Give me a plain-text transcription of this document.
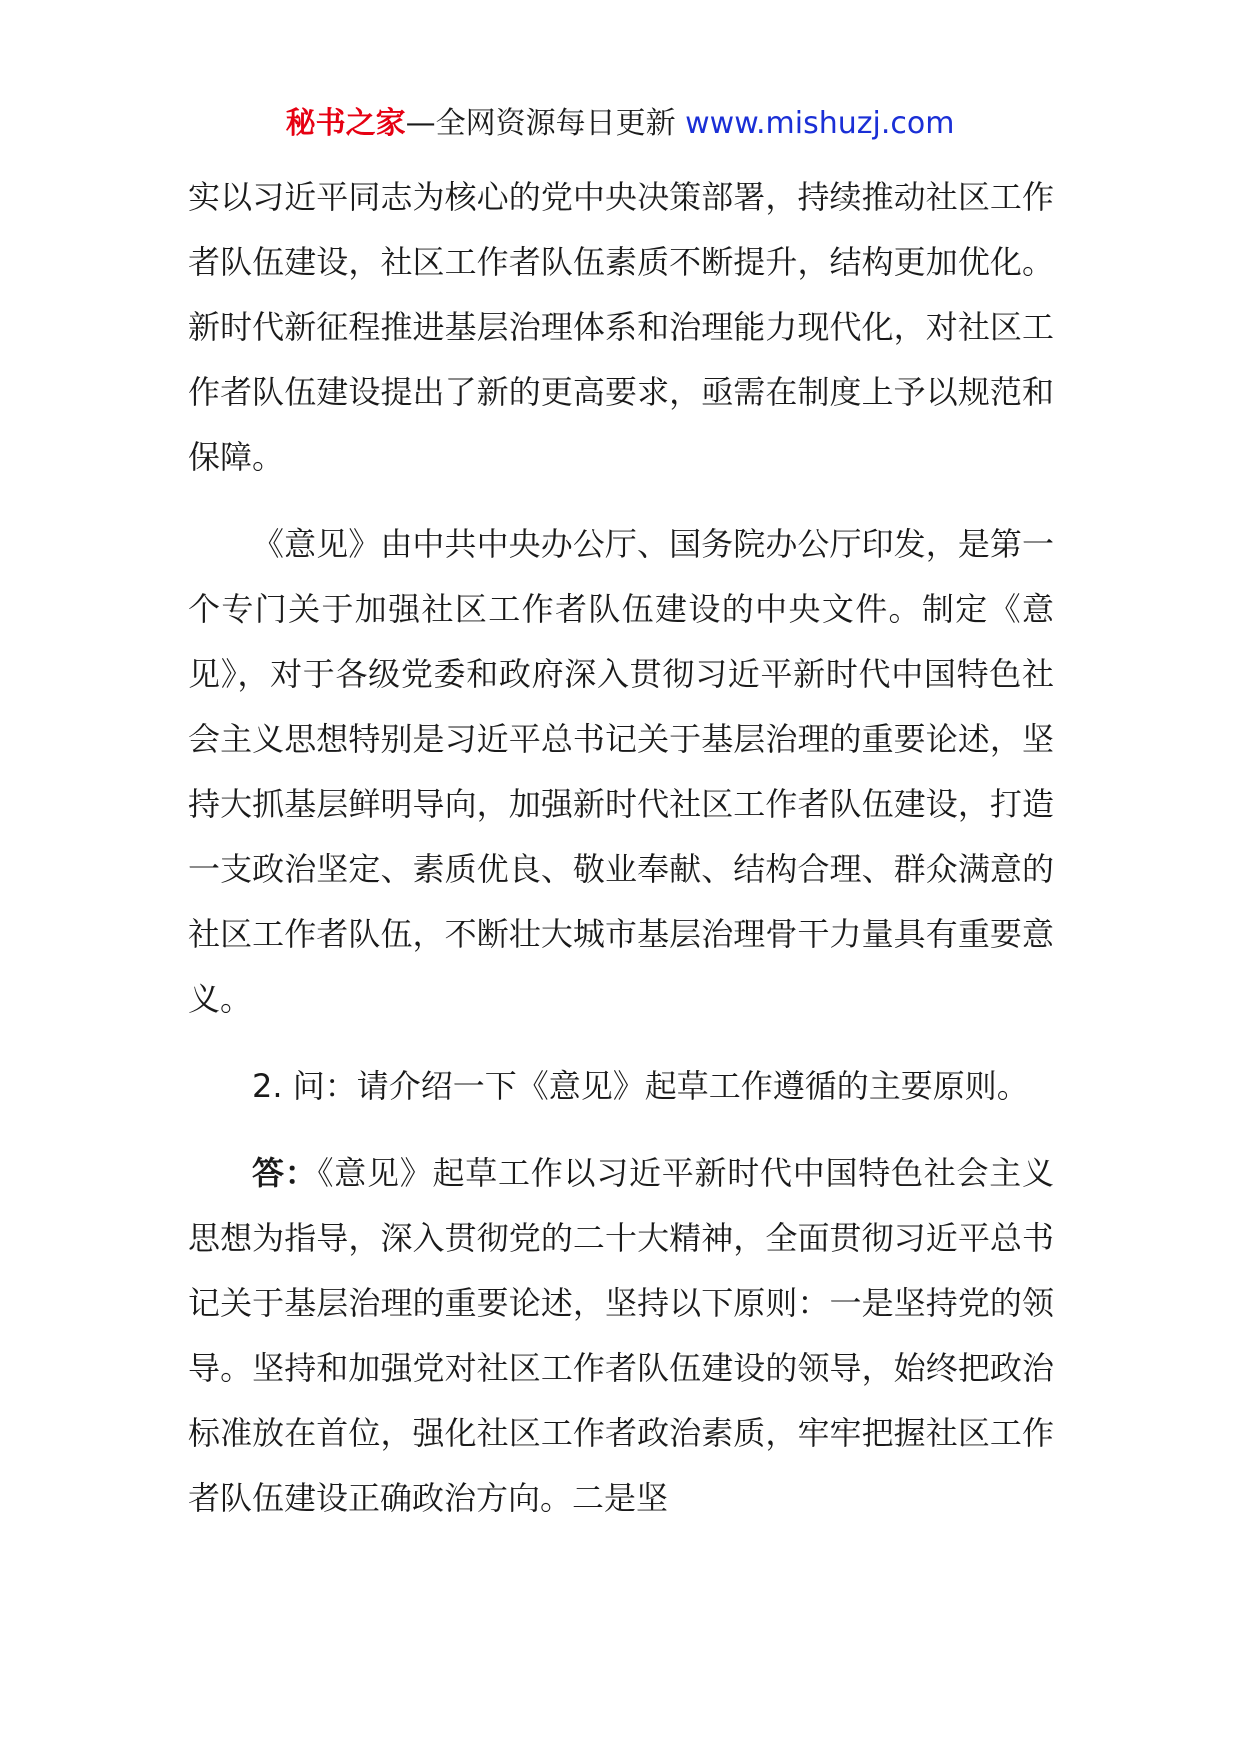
秘书之家—全网资源每日更新 www.mishuzj.com

实以习近平同志为核心的党中央决策部署，持续推动社区工作者队伍建设，社区工作者队伍素质不断提升，结构更加优化。新时代新征程推进基层治理体系和治理能力现代化，对社区工作者队伍建设提出了新的更高要求，亟需在制度上予以规范和保障。

《意见》由中共中央办公厅、国务院办公厅印发，是第一个专门关于加强社区工作者队伍建设的中央文件。制定《意见》，对于各级党委和政府深入贯彻习近平新时代中国特色社会主义思想特别是习近平总书记关于基层治理的重要论述，坚持大抓基层鲜明导向，加强新时代社区工作者队伍建设，打造一支政治坚定、素质优良、敬业奉献、结构合理、群众满意的社区工作者队伍，不断壮大城市基层治理骨干力量具有重要意义。

2. 问：请介绍一下《意见》起草工作遵循的主要原则。

答：《意见》起草工作以习近平新时代中国特色社会主义思想为指导，深入贯彻党的二十大精神，全面贯彻习近平总书记关于基层治理的重要论述，坚持以下原则：一是坚持党的领导。坚持和加强党对社区工作者队伍建设的领导，始终把政治标准放在首位，强化社区工作者政治素质，牢牢把握社区工作者队伍建设正确政治方向。二是坚
